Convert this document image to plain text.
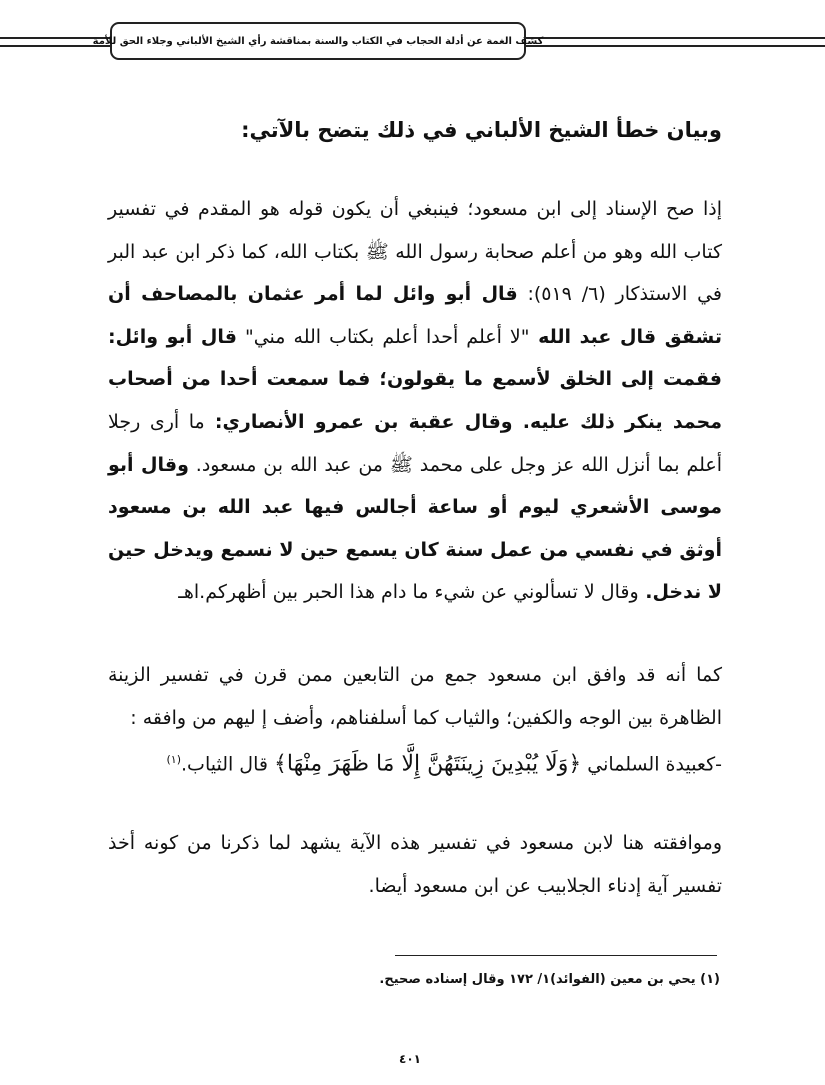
كشف الغمة عن أدلة الحجاب في الكتاب والسنة بمناقشة رأي الشيخ الألباني وجلاء الحق للأمة
وبيان خطأ الشيخ الألباني في ذلك يتضح بالآتي:

إذا صح الإسناد إلى ابن مسعود؛ فينبغي أن يكون قوله هو المقدم في تفسير كتاب الله وهو من أعلم صحابة رسول الله ﷺ بكتاب الله، كما ذكر ابن عبد البر في الاستذكار (٦/ ٥١٩): قال أبو وائل لما أمر عثمان بالمصاحف أن تشقق قال عبد الله "لا أعلم أحدا أعلم بكتاب الله مني" قال أبو وائل: فقمت إلى الخلق لأسمع ما يقولون؛ فما سمعت أحدا من أصحاب محمد ينكر ذلك عليه. وقال عقبة بن عمرو الأنصاري: ما أرى رجلا أعلم بما أنزل الله عز وجل على محمد ﷺ من عبد الله بن مسعود. وقال أبو موسى الأشعري ليوم أو ساعة أجالس فيها عبد الله بن مسعود أوثق في نفسي من عمل سنة كان يسمع حين لا نسمع ويدخل حين لا ندخل. وقال لا تسألوني عن شيء ما دام هذا الحبر بين أظهركم.اهـ

كما أنه قد وافق ابن مسعود جمع من التابعين ممن قرن في تفسير الزينة الظاهرة بين الوجه والكفين؛ والثياب كما أسلفناهم، وأضف إ ليهم من وافقه :
-كعبيدة السلماني ﴿وَلَا يُبْدِينَ زِينَتَهُنَّ إِلَّا مَا ظَهَرَ مِنْهَا﴾ قال الثياب.$^{(١)}$

وموافقته هنا لابن مسعود في تفسير هذه الآية يشهد لما ذكرنا من كونه أخذ تفسير آية إدناء الجلابيب عن ابن مسعود أيضا.

(١) يحي بن معين (الفوائد)١/ ١٧٢ وقال إسناده صحيح.
٤٠١
